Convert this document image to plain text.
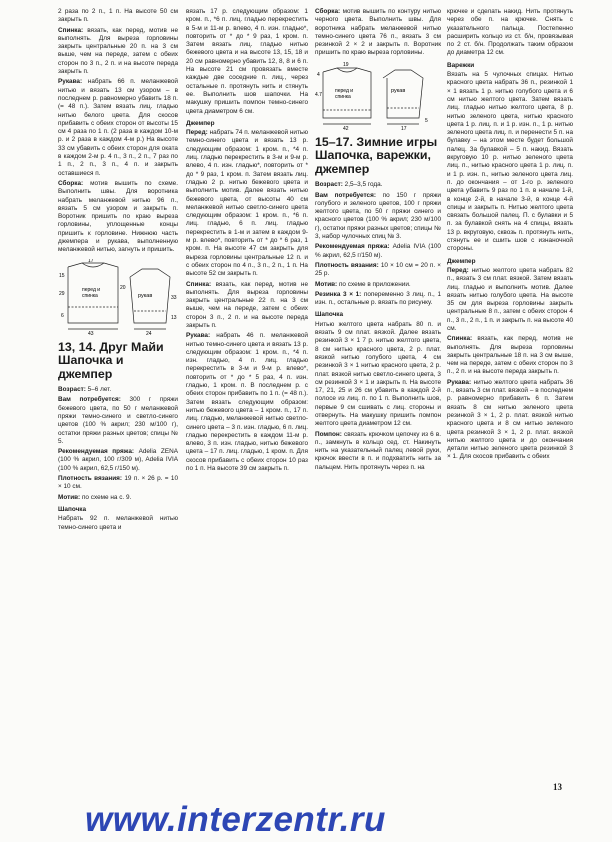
2 раза по 2 п., 1 п. На высоте 50 см закрыть п.

Спинка: вязать, как перед, мотив не выполнять. Для вырезa горловины закрыть центральные 20 п. на 3 см выше, чем на переде, затем с обеих сторон по 3 п., 2 п. и на высоте переда закрыть п.

Рукава: набрать 66 п. меланжевой нитью и вязать 13 см узором – в последнем р. равномерно убавить 18 п. (= 48 п.). Затем вязать лиц. гладью нитью белого цвета. Для скосов прибавить с обеих сторон от высоты 15 см 4 раза по 1 п. (2 раза в каждом 10-м р. и 2 раза в каждом 4-м р.) На высоте 33 см убавить с обеих сторон для оката в каждом 2-м р. 4 п., 3 п., 2 п., 7 раз по 1 п., 2 п., 3 п., 4 п. и закрыть оставшиеся п.

Сборка: мотив вышить по схеме. Выполнить швы. Для воротника набрать меланжевой нитью 96 п., вязать 5 см узором и закрыть п. Воротник пришить по краю выреза горловины, уплощенные концы пришить к горловине. Нижнюю часть джемпера и рукава, выполненную меланжевой нитью, загнуть и пришить.

17
15
29
6
43
перед и
спинка	рукав
20
33
13
24
13, 14. Друг Майи Шапочка и джемпер

Возраст: 5–6 лет.

Вам потребуется: 300 г пряжи бежевого цвета, по 50 г меланжевой пряжи темно-синего и светло-синего цветов (100 % акрил; 230 м/100 г), остатки пряжи разных цветов; спицы № 5.

Рекомендуемая пряжа: Adelia ZENA (100 % акрил, 100 г/309 м), Adelia IVIA (100 % акрил, 62,5 г/150 м).

Плотность вязания: 19 п. × 26 р. = 10 × 10 см.

Мотив: по схеме на с. 9.

Шапочка

Набрать 92 п. меланжевой нитью темно-синего цвета и

вязать 17 р. следующим образом: 1 кром. п., *6 п. лиц. гладью перекрестить в 5-м и 11-м р. влево, 4 п. изн. гладью*, повторить от * до * 9 раз, 1 кром. п. Затем вязать лиц. гладью нитью бежевого цвета и на высоте 13, 15, 18 и 20 см равномерно убавить 12, 8, 8 и 6 п. На высоте 21 см провязать вместе каждые две соседние п. лиц., через остальные п. протянуть нить и стянуть ее. Выполнить шов шапочки. На макушку пришить помпон темно-синего цвета диаметром 6 см.

Джемпер

Перед: набрать 74 п. меланжевой нитью темно-синего цвета и вязать 13 р. следующим образом: 1 кром. п., *4 п. лиц. гладью перекрестить в 3-м и 9-м р. влево, 4 п. изн. гладью*, повторить от * до * 9 раз, 1 кром. п. Затем вязать лиц. гладью 2 р. нитью бежевого цвета и выполнить мотив. Далее вязать нитью бежевого цвета, от высоты 40 см меланжевой нитью светло-синего цвета следующим образом: 1 кром. п., *6 п. лиц. гладью, 6 п. лиц. гладью перекрестить в 1-м и затем в каждом 9-м р. влево*, повторить от * до * 6 раз, 1 кром. п. На высоте 47 см закрыть для выреза горловины центральные 12 п. и с обеих сторон по 4 п., 3 п., 2 п., 1 п. На высоте 52 см закрыть п.

Спинка: вязать, как перед, мотив не выполнять. Для выреза горловины закрыть центральные 22 п. на 3 см выше, чем на переде, затем с обеих сторон 3 п., 2 п. и на высоте переда закрыть п.

Рукава: набрать 46 п. меланжевой нитью темно-синего цвета и вязать 13 р. следующим образом: 1 кром. п., *4 п. изн. гладью, 4 п. лиц. гладью перекрестить в 3-м и 9-м р. влево*, повторить от * до * 5 раз, 4 п. изн. гладью, 1 кром. п. В последнем р. с обеих сторон прибавить по 1 п. (= 48 п.). Затем вязать следующим образом: нитью бежевого цвета – 1 кром. п., 17 п. лиц. гладью, меланжевой нитью светло-синего цвета – 3 п. изн. гладью, 6 п. лиц. гладью перекрестить в каждом 11-м р. влево, 3 п. изн. гладью, нитью бежевого цвета – 17 п. лиц. гладью, 1 кром. п. Для скосов прибавить с обеих сторон 10 раз по 1 п. На высоте 39 см закрыть п.

Сборка: мотив вышить по контуру нитью черного цвета. Выполнить швы. Для воротника набрать меланжевой нитью темно-синего цвета 76 п., вязать 3 см резинкой 2 × 2 и закрыть п. Воротник пришить по краю выреза горловины.

19
4
перед и
спинка
4.7
42
рукав
17
5
15–17. Зимние игры Шапочка, варежки, джемпер

Возраст: 2,5–3,5 года.

Вам потребуется: по 150 г пряжи голубого и зеленого цветов, 100 г пряжи желтого цвета, по 50 г пряжи синего и красного цветов (100 % акрил; 230 м/100 г), остатки пряжи разных цветов; спицы № 3, набор чулочных спиц № 3.

Рекомендуемая пряжа: Adelia IVIA (100 % акрил, 62,5 г/150 м).

Плотность вязания: 10 × 10 см = 20 п. × 25 р.

Мотив: по схеме в приложении.

Резинка 3 × 1: попеременно 3 лиц. п., 1 изн. п., остальные р. вязать по рисунку.

Шапочка

Нитью желтого цвета набрать 80 п. и вязать 9 см плат. вязкой. Далее вязать резинкой 3 × 1 7 р. нитью желтого цвета, 8 см нитью красного цвета, 2 р. плат. вязкой нитью голубого цвета, 4 см резинкой 3 × 1 нитью красного цвета, 2 р. плат. вязкой нитью светло-синего цвета, 3 см резинкой 3 × 1 и закрыть п. На высоте 17, 21, 25 и 26 см убавить в каждой 2-й полосе из лиц. п. по 1 п. Выполнить шов, первые 9 см сшивать с лиц. стороны и отвернуть. На макушку пришить помпон желтого цвета диаметром 12 см.

Помпон: связать крючком цепочку из 6 в. п., замкнуть в кольцо сед. ст. Накинуть нить на указательный палец левой руки, крючок ввести в п. и подхватить нить за пальцем. Нить протянуть через п. на

крючке и сделать накид. Нить протянуть через обе п. на крючке. Снять с указательного пальца. Постепенно расширить кольцо из ст. б/н, провязывая по 2 ст. б/н. Продолжать таким образом до диаметра 12 см.

Варежки

Вязать на 5 чулочных спицах. Нитью красного цвета набрать 36 п., резинкой 1 × 1 вязать 1 р. нитью голубого цвета и 6 см нитью желтого цвета. Затем вязать лиц. гладью нитью желтого цвета, 8 р. нитью зеленого цвета, нитью красного цвета 1 р. лиц. п. и 1 р. изн. п., 1 р. нитью зеленого цвета лиц. п. и перенести 5 п. на булавку – на этом месте будет большой палец. За булавкой – 5 п. накид. Вязать вкруговую 10 р. нитью зеленого цвета лиц. п., нитью красного цвета 1 р. лиц. п. и 1 р. изн. п., нитью зеленого цвета лиц. п. до окончания – от 1-го р. зеленого цвета убавить 9 раз по 1 п. в начале 1-й, в конце 2-й, в начале 3-й, в конце 4-й спицы и закрыть п. Нитью желтого цвета связать большой палец. П. с булавки и 5 п. за булавкой снять на 4 спицы, вязать 13 р. вкруговую, сквозь п. протянуть нить, стянуть ее и сшить шов с изнаночной стороны.

Джемпер

Перед: нитью желтого цвета набрать 82 п., вязать 3 см плат. вязкой. Затем вязать лиц. гладью и выполнить мотив. Далее вязать нитью голубого цвета. На высоте 35 см для выреза горловины закрыть центральные 8 п., затем с обеих сторон 4 п., 3 п., 2 п., 1 п. и закрыть п. на высоте 40 см.

Спинка: вязать, как перед, мотив не выполнять. Для выреза горловины закрыть центральные 18 п. на 3 см выше, чем на переде, затем с обеих сторон по 3 п., 2 п. и на высоте переда закрыть п.

Рукава: нитью желтого цвета набрать 36 п., вязать 3 см плат. вязкой – в последнем р. равномерно прибавить 6 п. Затем вязать 8 см нитью зеленого цвета резинкой 3 × 1, 2 р. плат. вязкой нитью красного цвета и 8 см нитью зеленого цвета резинкой 3 × 1, 2 р. плат. вязкой нитью желтого цвета и до окончания детали нитью зеленого цвета резинкой 3 × 1. Для скосов прибавить с обеих

13
www.interzentr.ru
